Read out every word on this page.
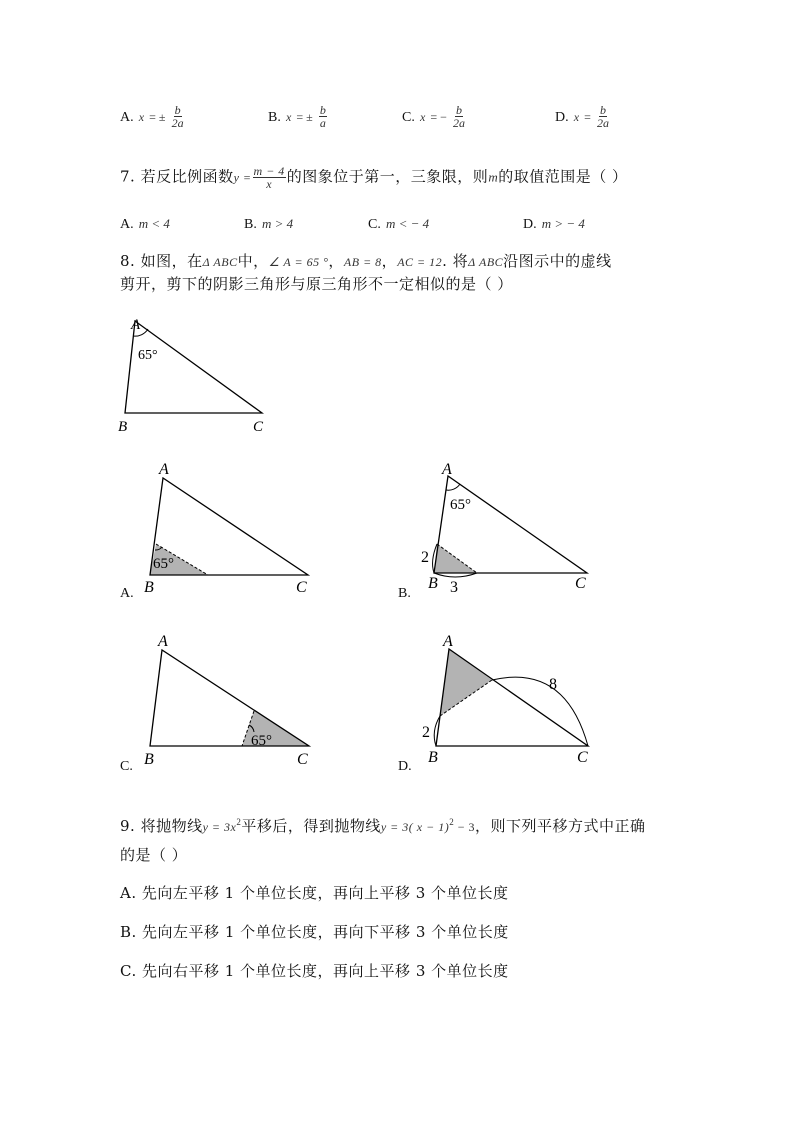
A. x = ± $\frac{b}{2a}$	B. x = ± $\frac{b}{a}$	C. x = − $\frac{b}{2a}$	D. $x = \frac{b}{2a}$
7. 若反比例函数$y = \frac{m - 4}{x}$ 的图象位于第一，三象限，则m的取值范围是（ ）
A. m < 4	B. m > 4	C. m < − 4	D. m > − 4
8. 如图，在Δ ABC中，∠ A = 65 °，AB = 8，AC = 12. 将Δ ABC沿图示中的虚线
剪开，剪下的阴影三角形与原三角形不一定相似的是（ ）
A
65°
B	C
A
65°
B	C
A.
A
65°
2
B 3	C
B.
A
65°
B	C
C.
A
8
2
B	C
D.
9. 将抛物线$y = 3x^2$平移后，得到抛物线y = 3( x − 1)$^2$ − 3，则下列平移方式中正确
的是（ ）
A. 先向左平移 1 个单位长度，再向上平移 3 个单位长度
B. 先向左平移 1 个单位长度，再向下平移 3 个单位长度
C. 先向右平移 1 个单位长度，再向上平移 3 个单位长度
